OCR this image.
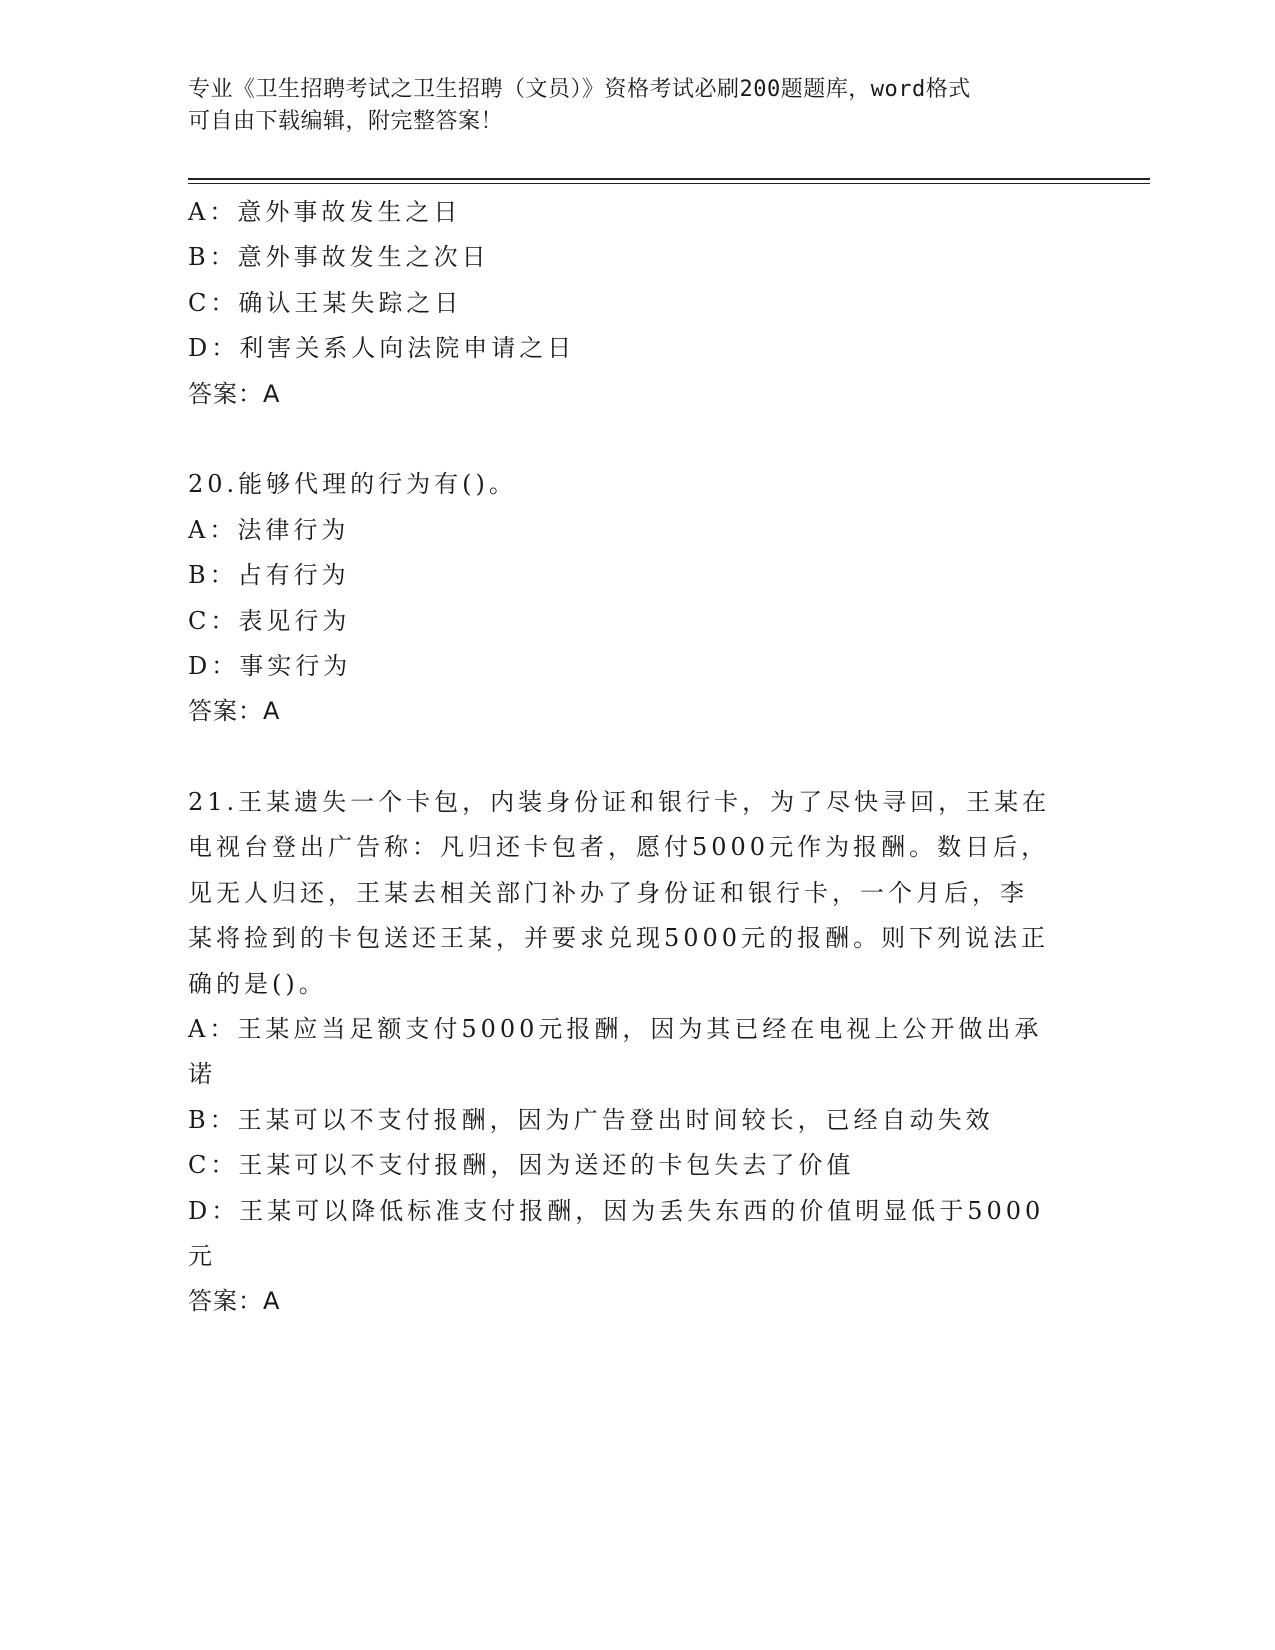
专业《卫生招聘考试之卫生招聘（文员）》资格考试必刷200题题库，word格式
可自由下载编辑，附完整答案！
A：意外事故发生之日
B：意外事故发生之次日
C：确认王某失踪之日
D：利害关系人向法院申请之日
答案：A
20.能够代理的行为有()。
A：法律行为
B：占有行为
C：表见行为
D：事实行为
答案：A
21.王某遗失一个卡包，内装身份证和银行卡，为了尽快寻回，王某在
电视台登出广告称：凡归还卡包者，愿付5000元作为报酬。数日后，
见无人归还，王某去相关部门补办了身份证和银行卡，一个月后，李
某将捡到的卡包送还王某，并要求兑现5000元的报酬。则下列说法正
确的是()。
A：王某应当足额支付5000元报酬，因为其已经在电视上公开做出承
诺
B：王某可以不支付报酬，因为广告登出时间较长，已经自动失效
C：王某可以不支付报酬，因为送还的卡包失去了价值
D：王某可以降低标准支付报酬，因为丢失东西的价值明显低于5000
元
答案：A
